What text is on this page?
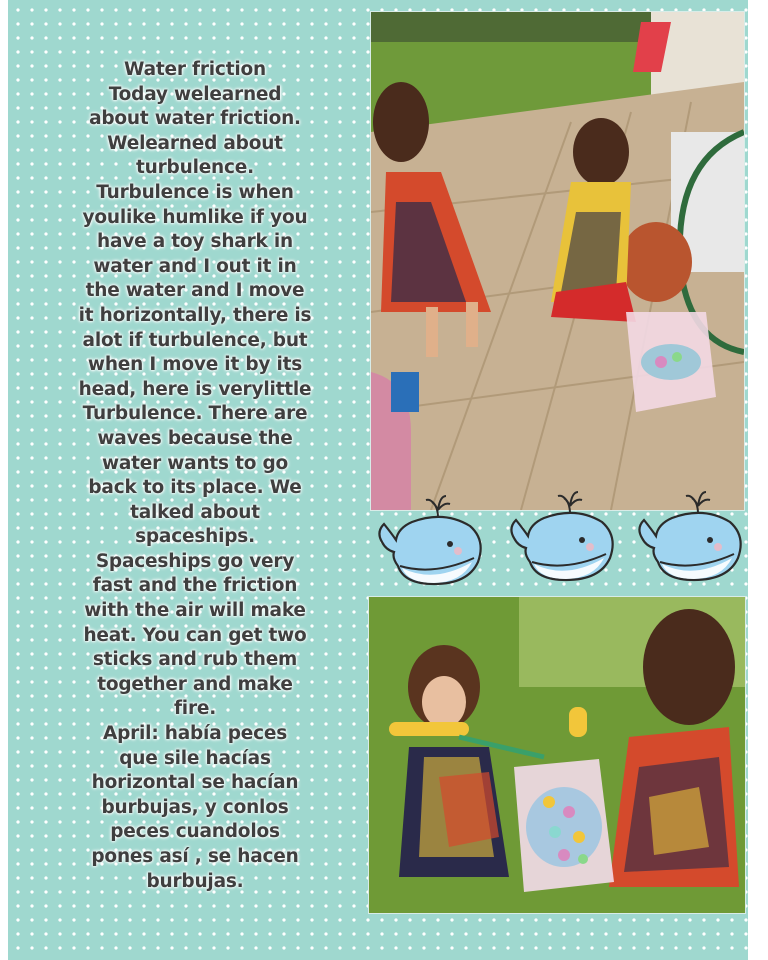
Water friction

Today welearned

about water friction.

Welearned about

turbulence.

Turbulence is when

youlike humlike if you

have a toy shark in

water and I out it in

the water and I move

it horizontally, there is

alot if turbulence, but

when I move it by its

head, here is verylittle

Turbulence. There are

waves because the

water wants to go

back to its place. We

talked about

spaceships.

Spaceships go very

fast and the friction

with the air will make

heat. You can get two

sticks and rub them

together and make

fire.

April: había peces

que sile hacías

horizontal se hacían

burbujas, y conlos

peces cuandolos

pones así , se hacen

burbujas.
